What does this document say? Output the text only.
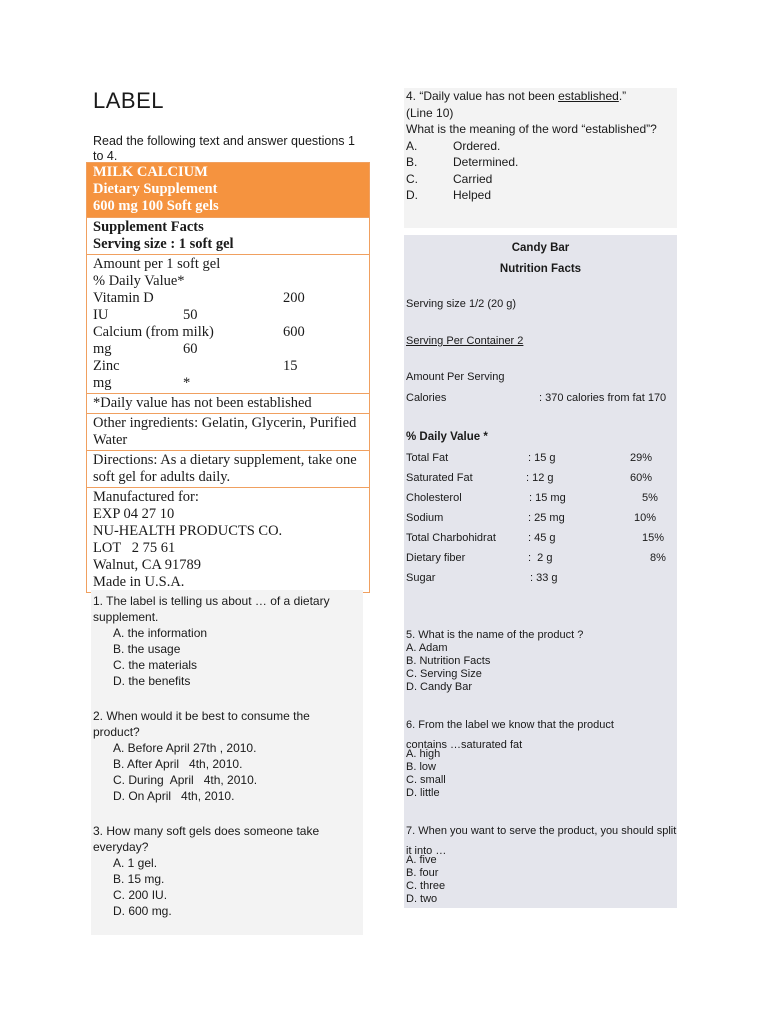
LABEL
Read the following text and answer questions 1 to 4.
MILK CALCIUM
Dietary Supplement
600 mg 100 Soft gels
Supplement Facts
Serving size : 1 soft gel
Amount per 1 soft gel
% Daily Value*
Vitamin D	200
IU	50
Calcium (from milk)	600
mg	60
Zinc	15
mg	*
*Daily value has not been established
Other ingredients: Gelatin, Glycerin, Purified Water
Directions: As a dietary supplement, take one soft gel for adults daily.
Manufactured for:
EXP 04 27 10
NU-HEALTH PRODUCTS CO.
LOT   2 75 61
Walnut, CA 91789
Made in U.S.A.
1. The label is telling us about … of a dietary supplement.
A. the information
B. the usage
C. the materials
D. the benefits
2. When would it be best to consume the product?
A. Before April 27th , 2010.
B. After April   4th, 2010.
C. During  April   4th, 2010.
D. On April   4th, 2010.
3. How many soft gels does someone take everyday?
A. 1 gel.
B. 15 mg.
C. 200 IU.
D. 600 mg.
4. “Daily value has not been established.”
(Line 10)
What is the meaning of the word “established”?
A.	Ordered.
B.	Determined.
C.	Carried
D.	Helped
Candy Bar
Nutrition Facts
Serving size 1/2 (20 g)
Serving Per Container 2
Amount Per Serving
Calories	: 370 calories from fat 170
% Daily Value *
Total Fat	: 15 g	29%
Saturated Fat	: 12 g	60%
Cholesterol	: 15 mg	5%
Sodium	: 25 mg	10%
Total Charbohidrat	: 45 g	15%
Dietary fiber	:  2 g	8%
Sugar	: 33 g
5. What is the name of the product ?
A. Adam
B. Nutrition Facts
C. Serving Size
D. Candy Bar
6. From the label we know that the product contains …saturated fat
A. high
B. low
C. small
D. little
7. When you want to serve the product, you should split it into …
A. five
B. four
C. three
D. two
